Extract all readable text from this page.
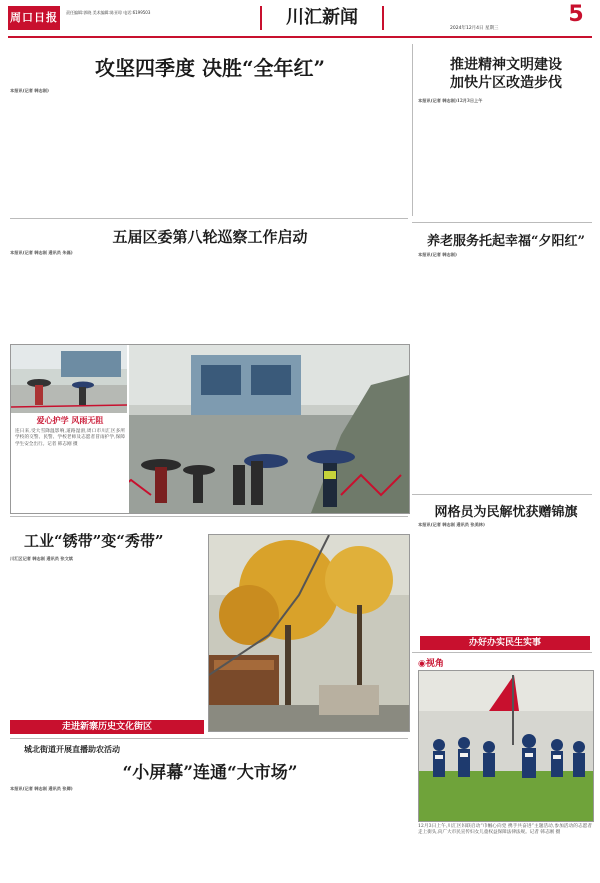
周口日报	责任编辑:郭晓 美术编辑:陈亚琼 电话:6199503	川汇新闻
2024年12月4日 星期三
5
攻坚四季度 决胜“全年红”
本报讯(记者 韩志刚)
推进精神文明建设
加快片区改造步伐
本报讯(记者 韩志刚)12月3日上午
五届区委第八轮巡察工作启动
本报讯(记者 韩志刚 通讯员 朱磊)
养老服务托起幸福“夕阳红”
本报讯(记者 韩志刚)
爱心护学 风雨无阻
连日来,受大雪降温影响,道路湿滑,周口市川汇区多所学校的交警、民警、学校老师及志愿者冒雨护学,保障学生安全出行。记者 韩志刚 摄
网格员为民解忧获赠锦旗
本报讯(记者 韩志刚 通讯员 张美林)
办好办实民生实事
工业“锈带”变“秀带”
川汇区记者 韩志刚 通讯员 张文斌
走进新寨历史文化街区
城北街道开展直播助农活动
“小屏幕”连通“大市场”
本报讯(记者 韩志刚 通讯员 张卿)
◉视角
12月3日上午,川汇区妇联启动“巾帼心向党 携手共奋进”主题活动,参加活动的志愿者走上街头,向广大市民宣传妇女儿童权益保障法律法规。记者 韩志刚 摄
